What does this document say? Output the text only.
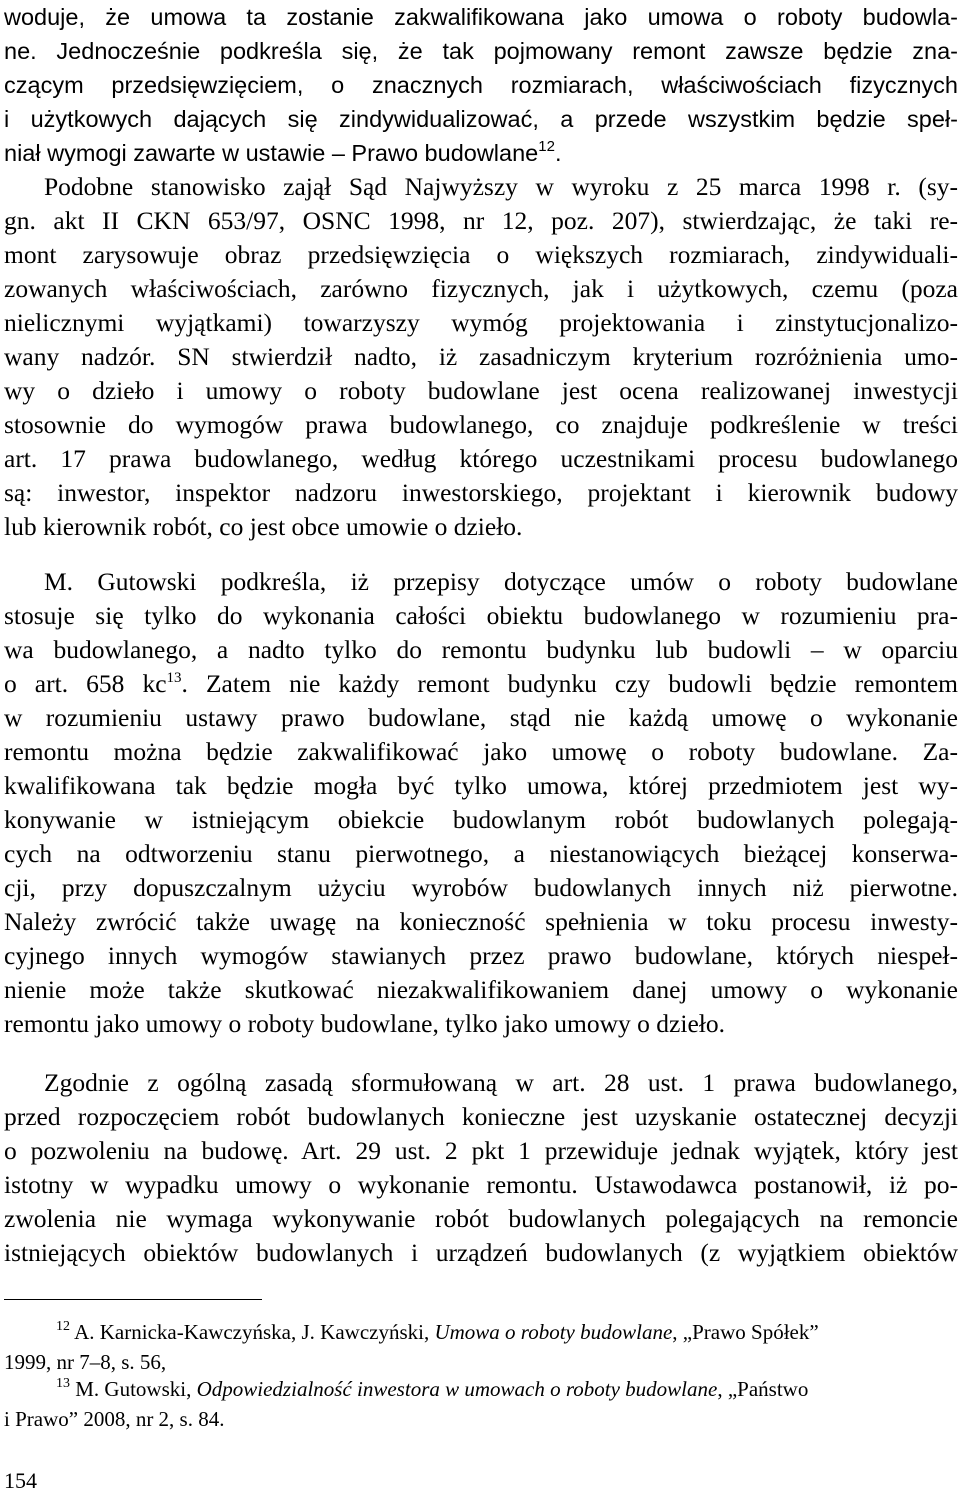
woduje, że umowa ta zostanie zakwalifikowana jako umowa o roboty budowla-
ne. Jednocześnie podkreśla się, że tak pojmowany remont zawsze będzie zna-
czącym przedsięwzięciem, o znacznych rozmiarach, właściwościach fizycznych
i użytkowych dających się zindywidualizować, a przede wszystkim będzie speł-
niał wymogi zawarte w ustawie – Prawo budowlane$^{12}$.
Podobne stanowisko zajął Sąd Najwyższy w wyroku z 25 marca 1998 r. (sy-
gn. akt II CKN 653/97, OSNC 1998, nr 12, poz. 207), stwierdzając, że taki re-
mont zarysowuje obraz przedsięwzięcia o większych rozmiarach, zindywiduali-
zowanych właściwościach, zarówno fizycznych, jak i użytkowych, czemu (poza
nielicznymi wyjątkami) towarzyszy wymóg projektowania i zinstytucjonalizo-
wany nadzór. SN stwierdził nadto, iż zasadniczym kryterium rozróżnienia umo-
wy o dzieło i umowy o roboty budowlane jest ocena realizowanej inwestycji
stosownie do wymogów prawa budowlanego, co znajduje podkreślenie w treści
art. 17 prawa budowlanego, według którego uczestnikami procesu budowlanego
są: inwestor, inspektor nadzoru inwestorskiego, projektant i kierownik budowy
lub kierownik robót, co jest obce umowie o dzieło.
M. Gutowski podkreśla, iż przepisy dotyczące umów o roboty budowlane
stosuje się tylko do wykonania całości obiektu budowlanego w rozumieniu pra-
wa budowlanego, a nadto tylko do remontu budynku lub budowli – w oparciu
o art. 658 $kc^{13}$. Zatem nie każdy remont budynku czy budowli będzie remontem
w rozumieniu ustawy prawo budowlane, stąd nie każdą umowę o wykonanie
remontu można będzie zakwalifikować jako umowę o roboty budowlane. Za-
kwalifikowana tak będzie mogła być tylko umowa, której przedmiotem jest wy-
konywanie w istniejącym obiekcie budowlanym robót budowlanych polegają-
cych na odtworzeniu stanu pierwotnego, a niestanowiących bieżącej konserwa-
cji, przy dopuszczalnym użyciu wyrobów budowlanych innych niż pierwotne.
Należy zwrócić także uwagę na konieczność spełnienia w toku procesu inwesty-
cyjnego innych wymogów stawianych przez prawo budowlane, których niespeł-
nienie może także skutkować niezakwalifikowaniem danej umowy o wykonanie
remontu jako umowy o roboty budowlane, tylko jako umowy o dzieło.
Zgodnie z ogólną zasadą sformułowaną w art. 28 ust. 1 prawa budowlanego,
przed rozpoczęciem robót budowlanych konieczne jest uzyskanie ostatecznej decyzji
o pozwoleniu na budowę. Art. 29 ust. 2 pkt 1 przewiduje jednak wyjątek, który jest
istotny w wypadku umowy o wykonanie remontu. Ustawodawca postanowił, iż po-
zwolenia nie wymaga wykonywanie robót budowlanych polegających na remoncie
istniejących obiektów budowlanych i urządzeń budowlanych (z wyjątkiem obiektów
$^{12}$ A. Karnicka-Kawczyńska, J. Kawczyński, Umowa o roboty budowlane, „Prawo Spółek”
1999, nr 7–8, s. 56,
$^{13}$ M. Gutowski, Odpowiedzialność inwestora w umowach o roboty budowlane, „Państwo
i Prawo” 2008, nr 2, s. 84.
154
